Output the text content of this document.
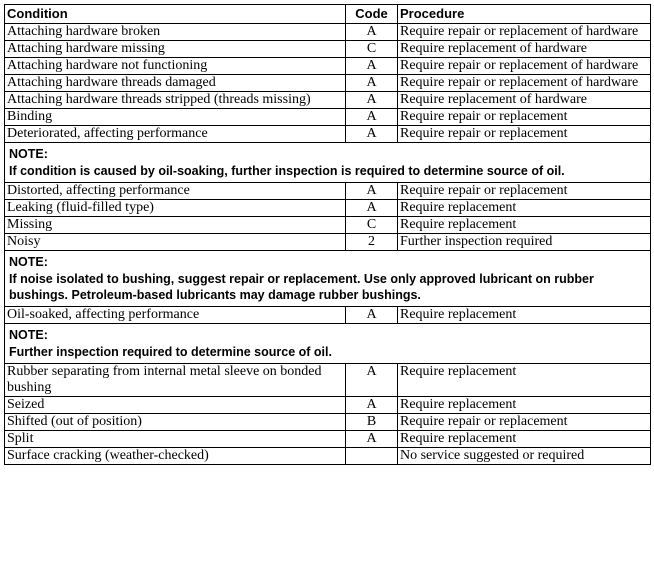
Condition	Code	Procedure
Attaching hardware broken	A	Require repair or replacement of hardware
Attaching hardware missing	C	Require replacement of hardware
Attaching hardware not functioning	A	Require repair or replacement of hardware
Attaching hardware threads damaged	A	Require repair or replacement of hardware
Attaching hardware threads stripped (threads missing)	A	Require replacement of hardware
Binding	A	Require repair or replacement
Deteriorated, affecting performance	A	Require repair or replacement

NOTE:
If condition is caused by oil-soaking, further inspection is required to determine source of oil.		

Distorted, affecting performance	A	Require repair or replacement
Leaking (fluid-filled type)	A	Require replacement
Missing	C	Require replacement
Noisy	2	Further inspection required

NOTE:
If noise isolated to bushing, suggest repair or replacement. Use only approved lubricant on rubber bushings. Petroleum-based lubricants may damage rubber bushings.		

Oil-soaked, affecting performance	A	Require replacement

NOTE:
Further inspection required to determine source of oil.		

Rubber separating from internal metal sleeve on bonded bushing	A	Require replacement
Seized	A	Require replacement
Shifted (out of position)	B	Require repair or replacement
Split	A	Require replacement
Surface cracking (weather-checked)		No service suggested or required
